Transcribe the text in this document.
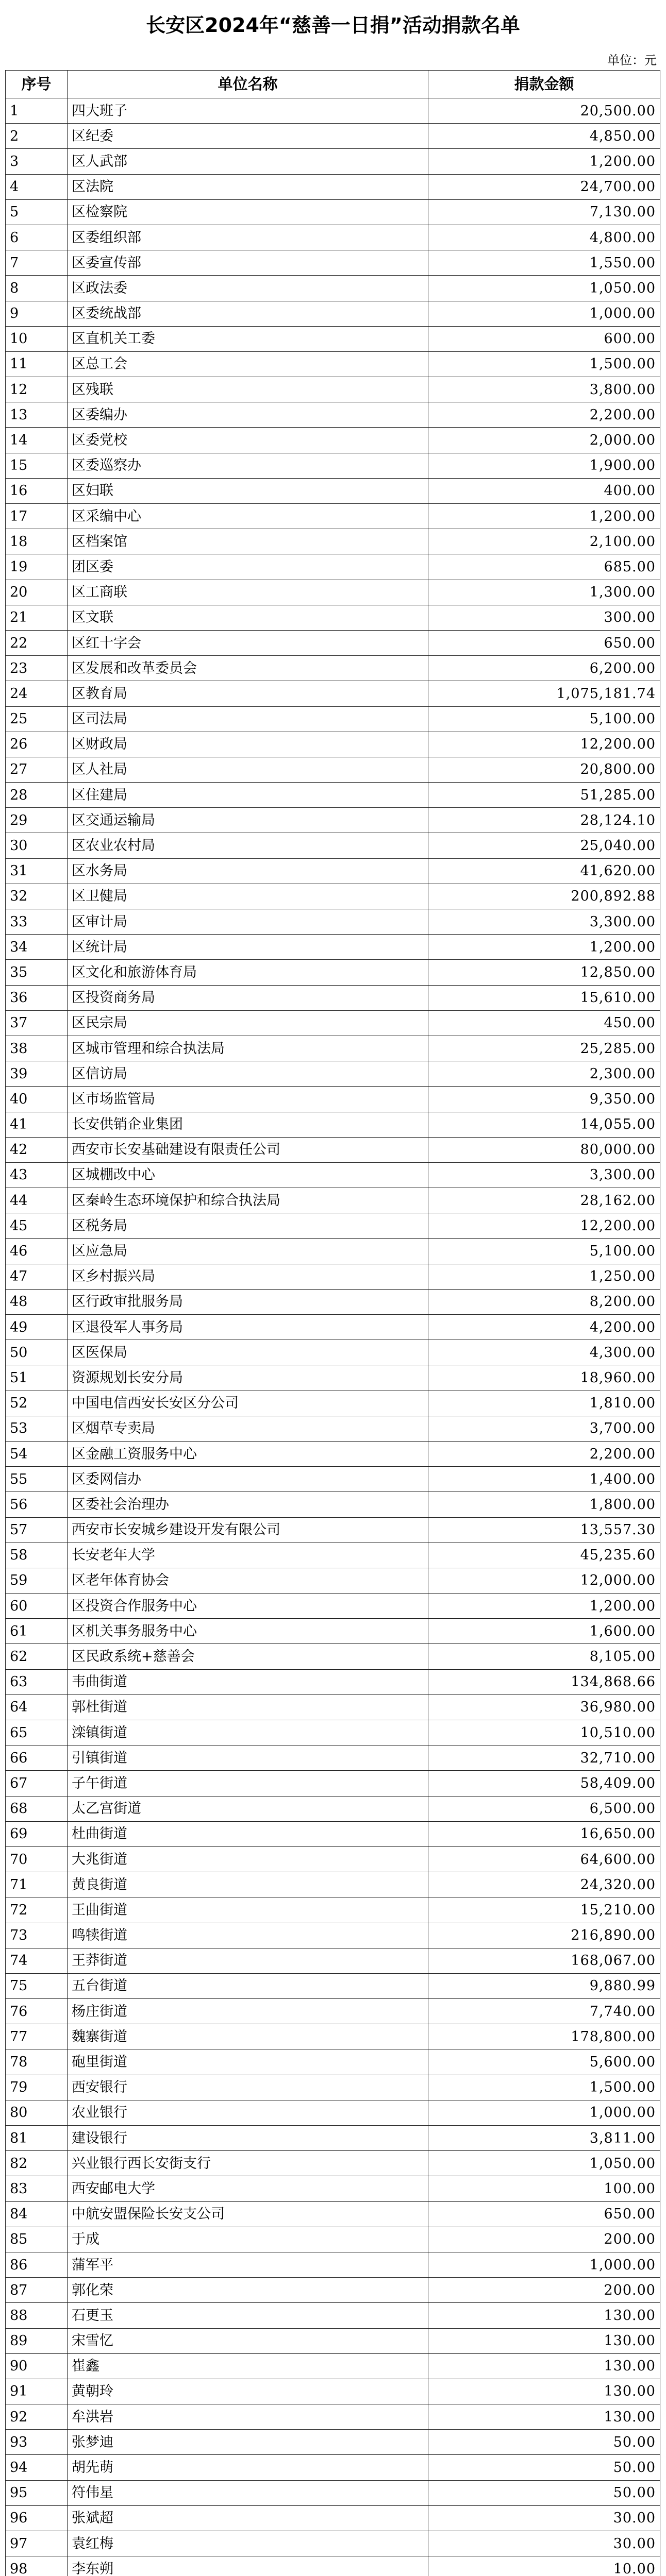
长安区2024年“慈善一日捐”活动捐款名单
单位：元
序号	单位名称	捐款金额
1	四大班子	20,500.00
2	区纪委	4,850.00
3	区人武部	1,200.00
4	区法院	24,700.00
5	区检察院	7,130.00
6	区委组织部	4,800.00
7	区委宣传部	1,550.00
8	区政法委	1,050.00
9	区委统战部	1,000.00
10	区直机关工委	600.00
11	区总工会	1,500.00
12	区残联	3,800.00
13	区委编办	2,200.00
14	区委党校	2,000.00
15	区委巡察办	1,900.00
16	区妇联	400.00
17	区采编中心	1,200.00
18	区档案馆	2,100.00
19	团区委	685.00
20	区工商联	1,300.00
21	区文联	300.00
22	区红十字会	650.00
23	区发展和改革委员会	6,200.00
24	区教育局	1,075,181.74
25	区司法局	5,100.00
26	区财政局	12,200.00
27	区人社局	20,800.00
28	区住建局	51,285.00
29	区交通运输局	28,124.10
30	区农业农村局	25,040.00
31	区水务局	41,620.00
32	区卫健局	200,892.88
33	区审计局	3,300.00
34	区统计局	1,200.00
35	区文化和旅游体育局	12,850.00
36	区投资商务局	15,610.00
37	区民宗局	450.00
38	区城市管理和综合执法局	25,285.00
39	区信访局	2,300.00
40	区市场监管局	9,350.00
41	长安供销企业集团	14,055.00
42	西安市长安基础建设有限责任公司	80,000.00
43	区城棚改中心	3,300.00
44	区秦岭生态环境保护和综合执法局	28,162.00
45	区税务局	12,200.00
46	区应急局	5,100.00
47	区乡村振兴局	1,250.00
48	区行政审批服务局	8,200.00
49	区退役军人事务局	4,200.00
50	区医保局	4,300.00
51	资源规划长安分局	18,960.00
52	中国电信西安长安区分公司	1,810.00
53	区烟草专卖局	3,700.00
54	区金融工资服务中心	2,200.00
55	区委网信办	1,400.00
56	区委社会治理办	1,800.00
57	西安市长安城乡建设开发有限公司	13,557.30
58	长安老年大学	45,235.60
59	区老年体育协会	12,000.00
60	区投资合作服务中心	1,200.00
61	区机关事务服务中心	1,600.00
62	区民政系统+慈善会	8,105.00
63	韦曲街道	134,868.66
64	郭杜街道	36,980.00
65	滦镇街道	10,510.00
66	引镇街道	32,710.00
67	子午街道	58,409.00
68	太乙宫街道	6,500.00
69	杜曲街道	16,650.00
70	大兆街道	64,600.00
71	黄良街道	24,320.00
72	王曲街道	15,210.00
73	鸣犊街道	216,890.00
74	王莽街道	168,067.00
75	五台街道	9,880.99
76	杨庄街道	7,740.00
77	魏寨街道	178,800.00
78	砲里街道	5,600.00
79	西安银行	1,500.00
80	农业银行	1,000.00
81	建设银行	3,811.00
82	兴业银行西长安街支行	1,050.00
83	西安邮电大学	100.00
84	中航安盟保险长安支公司	650.00
85	于成	200.00
86	蒲军平	1,000.00
87	郭化荣	200.00
88	石更玉	130.00
89	宋雪忆	130.00
90	崔鑫	130.00
91	黄朝玲	130.00
92	牟洪岩	130.00
93	张梦迪	50.00
94	胡先萌	50.00
95	符伟星	50.00
96	张斌超	30.00
97	袁红梅	30.00
98	李东朔	10.00
